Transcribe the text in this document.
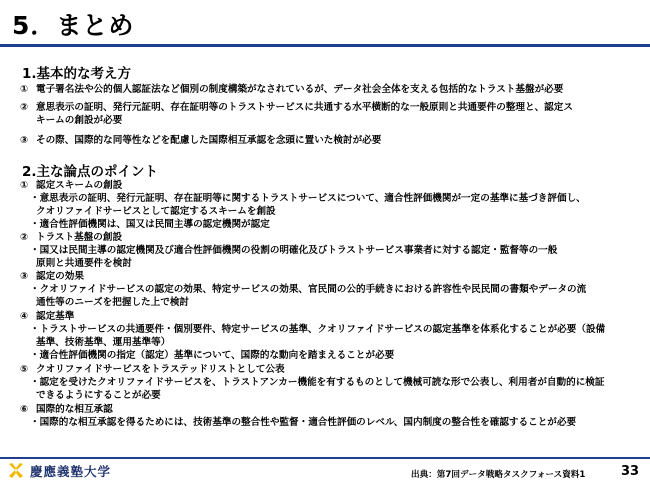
5．まとめ
1.基本的な考え方
① 電子署名法や公的個人認証法など個別の制度構築がなされているが、データ社会全体を支える包括的なトラスト基盤が必要
② 意思表示の証明、発行元証明、存在証明等のトラストサービスに共通する水平横断的な一般原則と共通要件の整理と、認定ス
キームの創設が必要
③ その際、国際的な同等性などを配慮した国際相互承認を念頭に置いた検討が必要
2.主な論点のポイント
① 認定スキームの創設
・意思表示の証明、発行元証明、存在証明等に関するトラストサービスについて、適合性評価機関が一定の基準に基づき評価し、
クオリファイドサービスとして認定するスキームを創設
・適合性評価機関は、国又は民間主導の認定機関が認定
② トラスト基盤の創設
・国又は民間主導の認定機関及び適合性評価機関の役割の明確化及びトラストサービス事業者に対する認定・監督等の一般
原則と共通要件を検討
③ 認定の効果
・クオリファイドサービスの認定の効果、特定サービスの効果、官民間の公的手続きにおける許容性や民民間の書類やデータの流
通性等のニーズを把握した上で検討
④ 認定基準
・トラストサービスの共通要件・個別要件、特定サービスの基準、クオリファイドサービスの認定基準を体系化することが必要（設備
基準、技術基準、運用基準等）
・適合性評価機関の指定（認定）基準について、国際的な動向を踏まえることが必要
⑤ クオリファイドサービスをトラステッドリストとして公表
・認定を受けたクオリファイドサービスを、トラストアンカー機能を有するものとして機械可読な形で公表し、利用者が自動的に検証
できるようにすることが必要
⑥ 国際的な相互承認
・国際的な相互承認を得るためには、技術基準の整合性や監督・適合性評価のレベル、国内制度の整合性を確認することが必要
慶應義塾大学	出典：第7回データ戦略タスクフォース資料1	33
